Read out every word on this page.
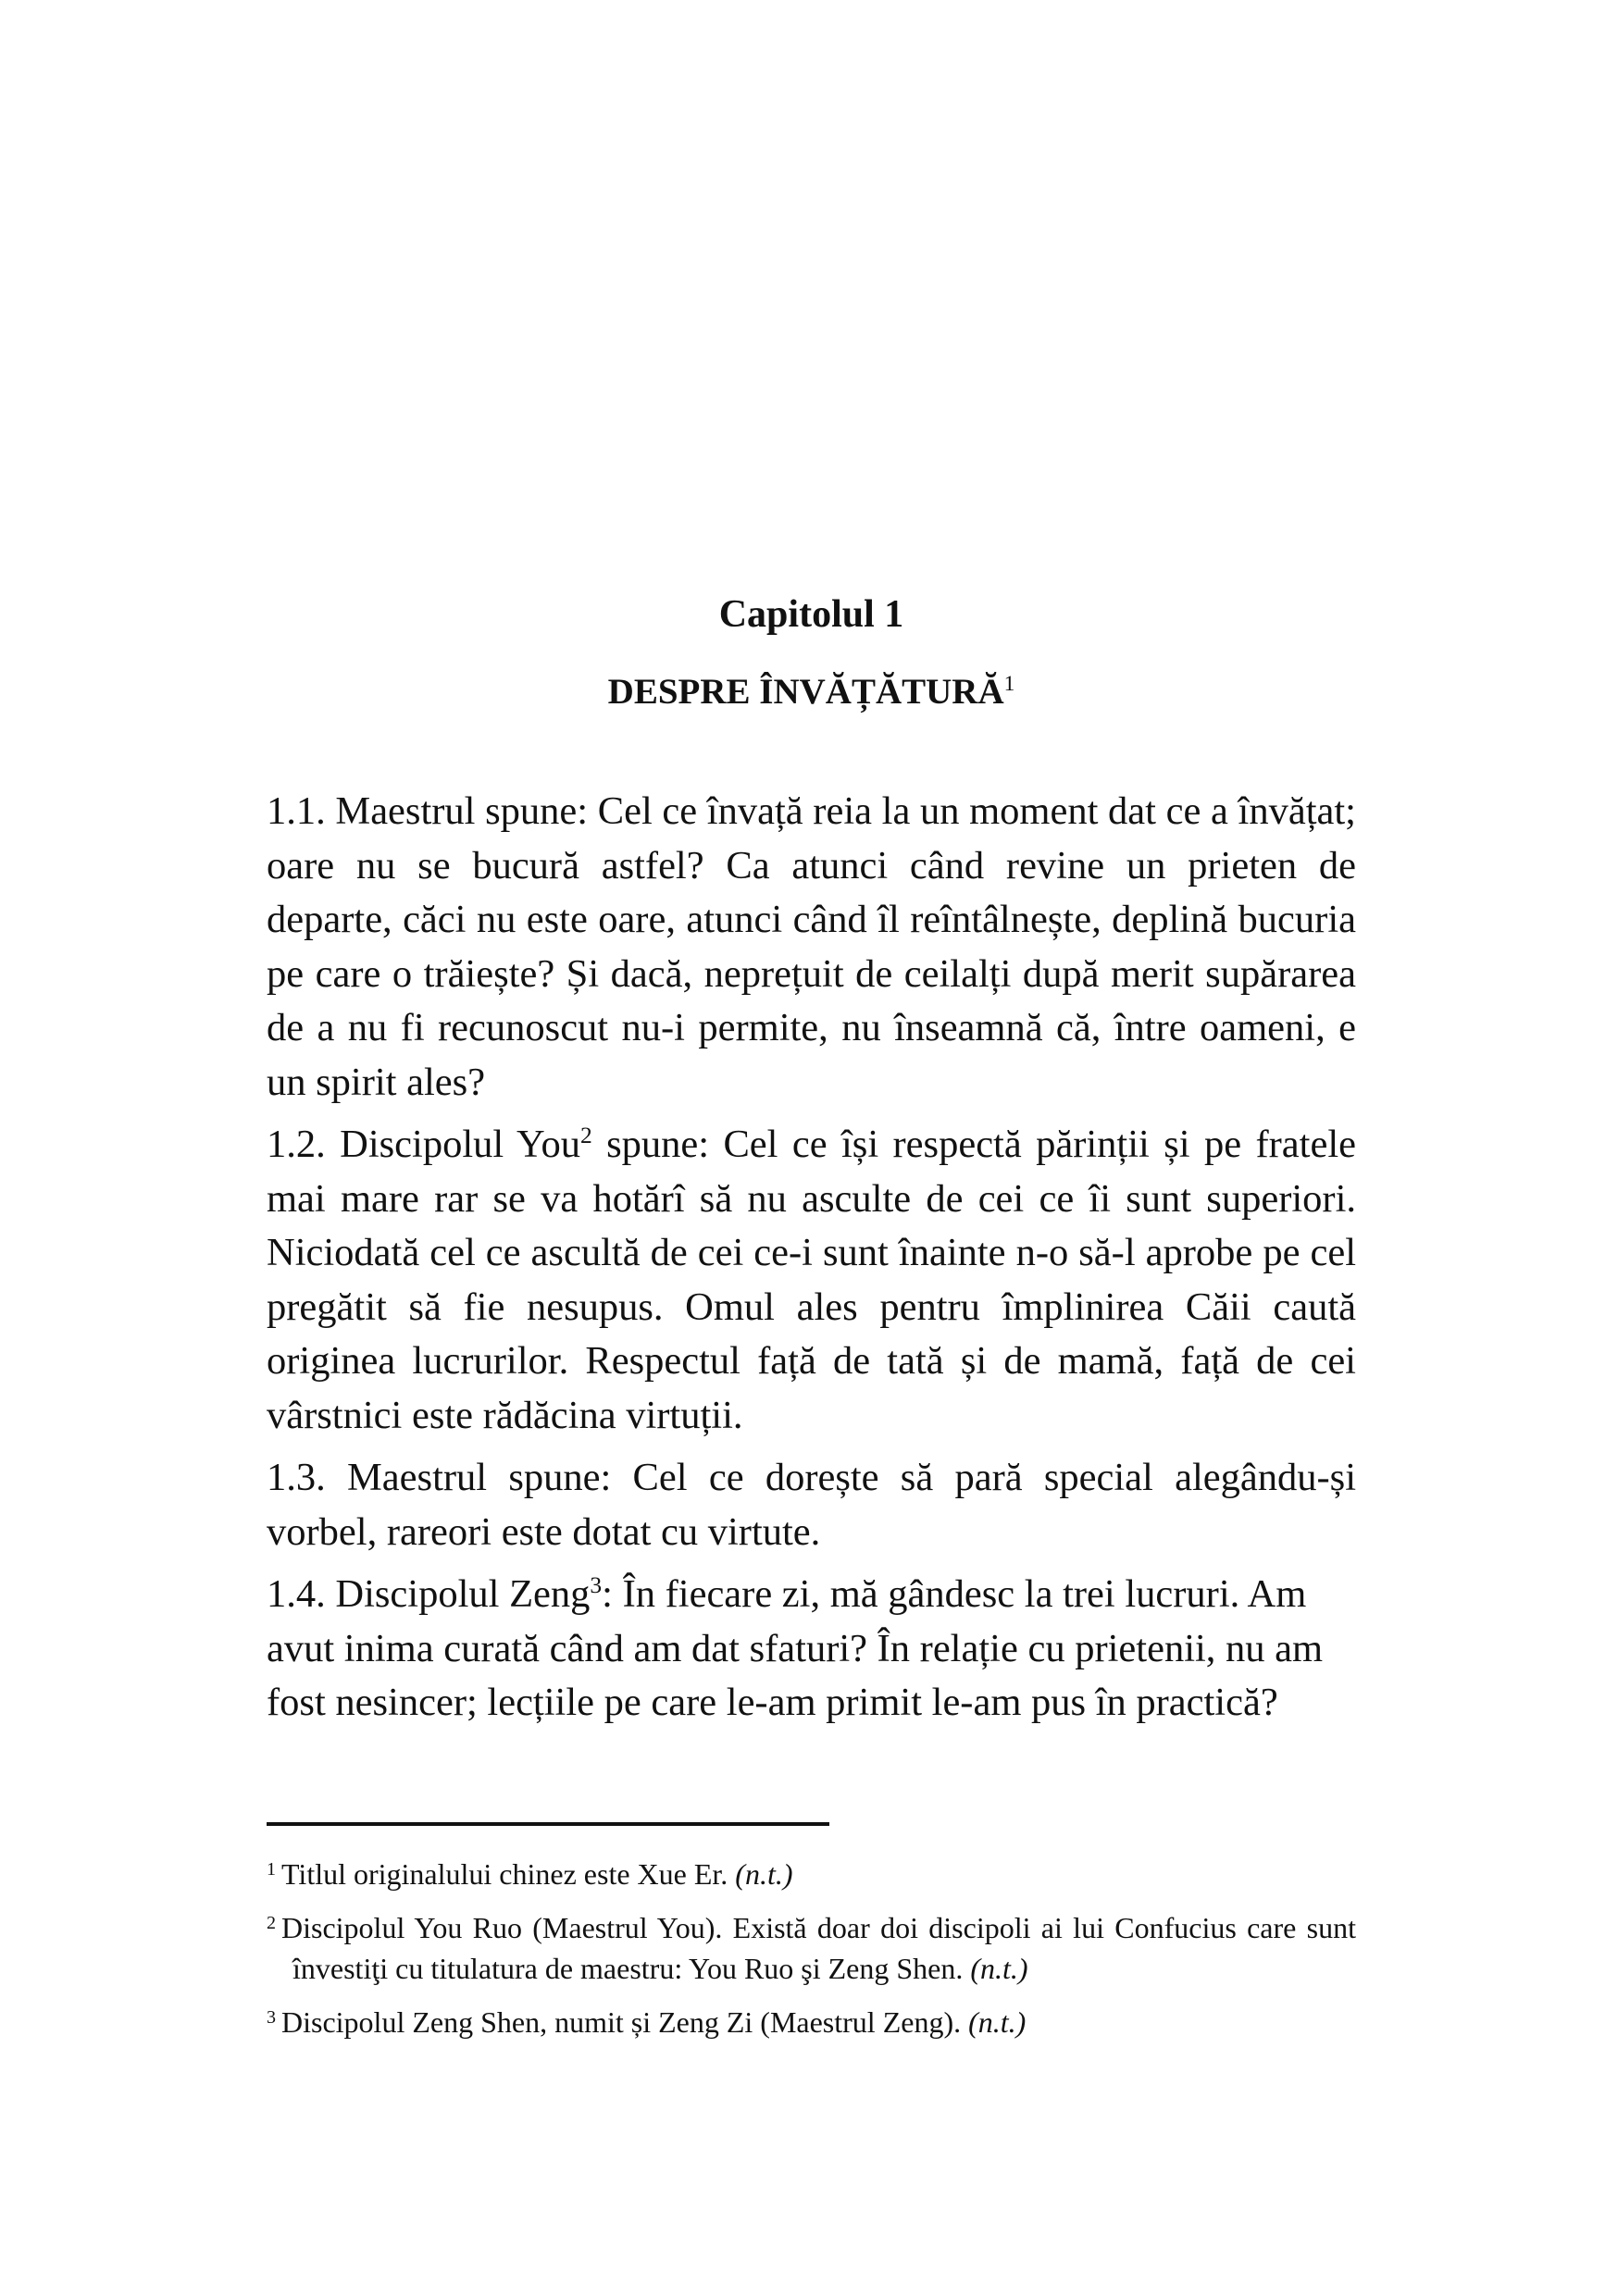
Capitolul 1
DESPRE ÎNVĂȚĂTURĂ$^1$

1.1. Maestrul spune: Cel ce învață reia la un moment dat ce a învățat; oare nu se bucură astfel? Ca atunci când revine un prieten de departe, căci nu este oare, atunci când îl reîntâlnește, deplină bucuria pe care o trăiește? Și dacă, neprețuit de ceilalți după merit supărarea de a nu fi recunoscut nu-i permite, nu înseamnă că, între oameni, e un spirit ales?

1.2. Discipolul You$^2$ spune: Cel ce își respectă părinții și pe fratele mai mare rar se va hotărî să nu asculte de cei ce îi sunt superiori. Niciodată cel ce ascultă de cei ce-i sunt înainte n-o să-l aprobe pe cel pregătit să fie nesupus. Omul ales pentru împlinirea Căii caută originea lucrurilor. Respectul față de tată și de mamă, față de cei vârstnici este rădăcina virtuții.

1.3. Maestrul spune: Cel ce dorește să pară special alegându-și vorbel, rareori este dotat cu virtute.

1.4. Discipolul Zeng$^3$: În fiecare zi, mă gândesc la trei lucruri. Am avut inima curată când am dat sfaturi? În relație cu prietenii, nu am fost nesincer; lecțiile pe care le-am primit le-am pus în practică?

$^1$ Titlul originalului chinez este Xue Er. (n.t.)

$^2$ Discipolul You Ruo (Maestrul You). Există doar doi discipoli ai lui Confucius care sunt învestiţi cu titulatura de maestru: You Ruo şi Zeng Shen. (n.t.)

$^3$ Discipolul Zeng Shen, numit și Zeng Zi (Maestrul Zeng). (n.t.)
